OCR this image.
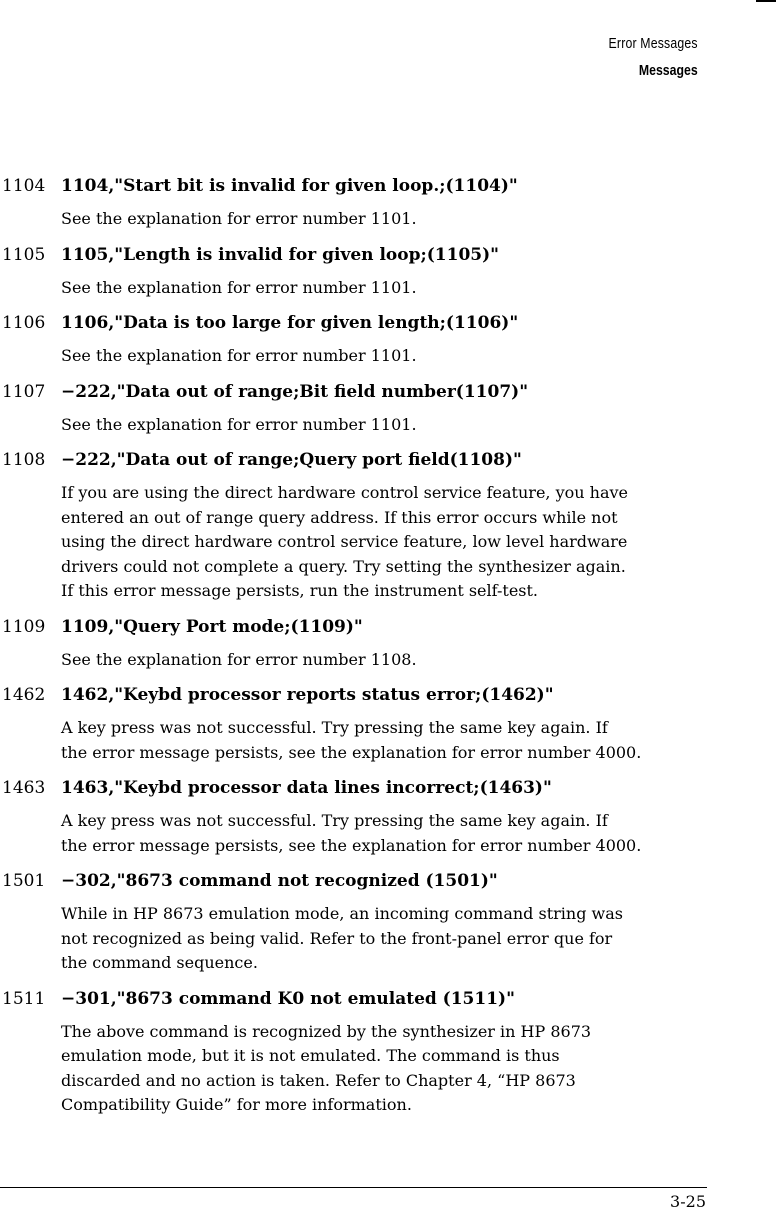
Error Messages
Messages
1104 1104,"Start bit is invalid for given loop.;(1104)"
See the explanation for error number 1101.
1105 1105,"Length is invalid for given loop;(1105)"
See the explanation for error number 1101.
1106 1106,"Data is too large for given length;(1106)"
See the explanation for error number 1101.
1107 −222,"Data out of range;Bit field number(1107)"
See the explanation for error number 1101.
1108 −222,"Data out of range;Query port field(1108)"
If you are using the direct hardware control service feature, you have
entered an out of range query address. If this error occurs while not
using the direct hardware control service feature, low level hardware
drivers could not complete a query. Try setting the synthesizer again.
If this error message persists, run the instrument self-test.
1109 1109,"Query Port mode;(1109)"
See the explanation for error number 1108.
1462 1462,"Keybd processor reports status error;(1462)"
A key press was not successful. Try pressing the same key again. If
the error message persists, see the explanation for error number 4000.
1463 1463,"Keybd processor data lines incorrect;(1463)"
A key press was not successful. Try pressing the same key again. If
the error message persists, see the explanation for error number 4000.
1501 −302,"8673 command not recognized (1501)"
While in HP 8673 emulation mode, an incoming command string was
not recognized as being valid. Refer to the front-panel error que for
the command sequence.
1511 −301,"8673 command K0 not emulated (1511)"
The above command is recognized by the synthesizer in HP 8673
emulation mode, but it is not emulated. The command is thus
discarded and no action is taken. Refer to Chapter 4, “HP 8673
Compatibility Guide” for more information.
3-25
